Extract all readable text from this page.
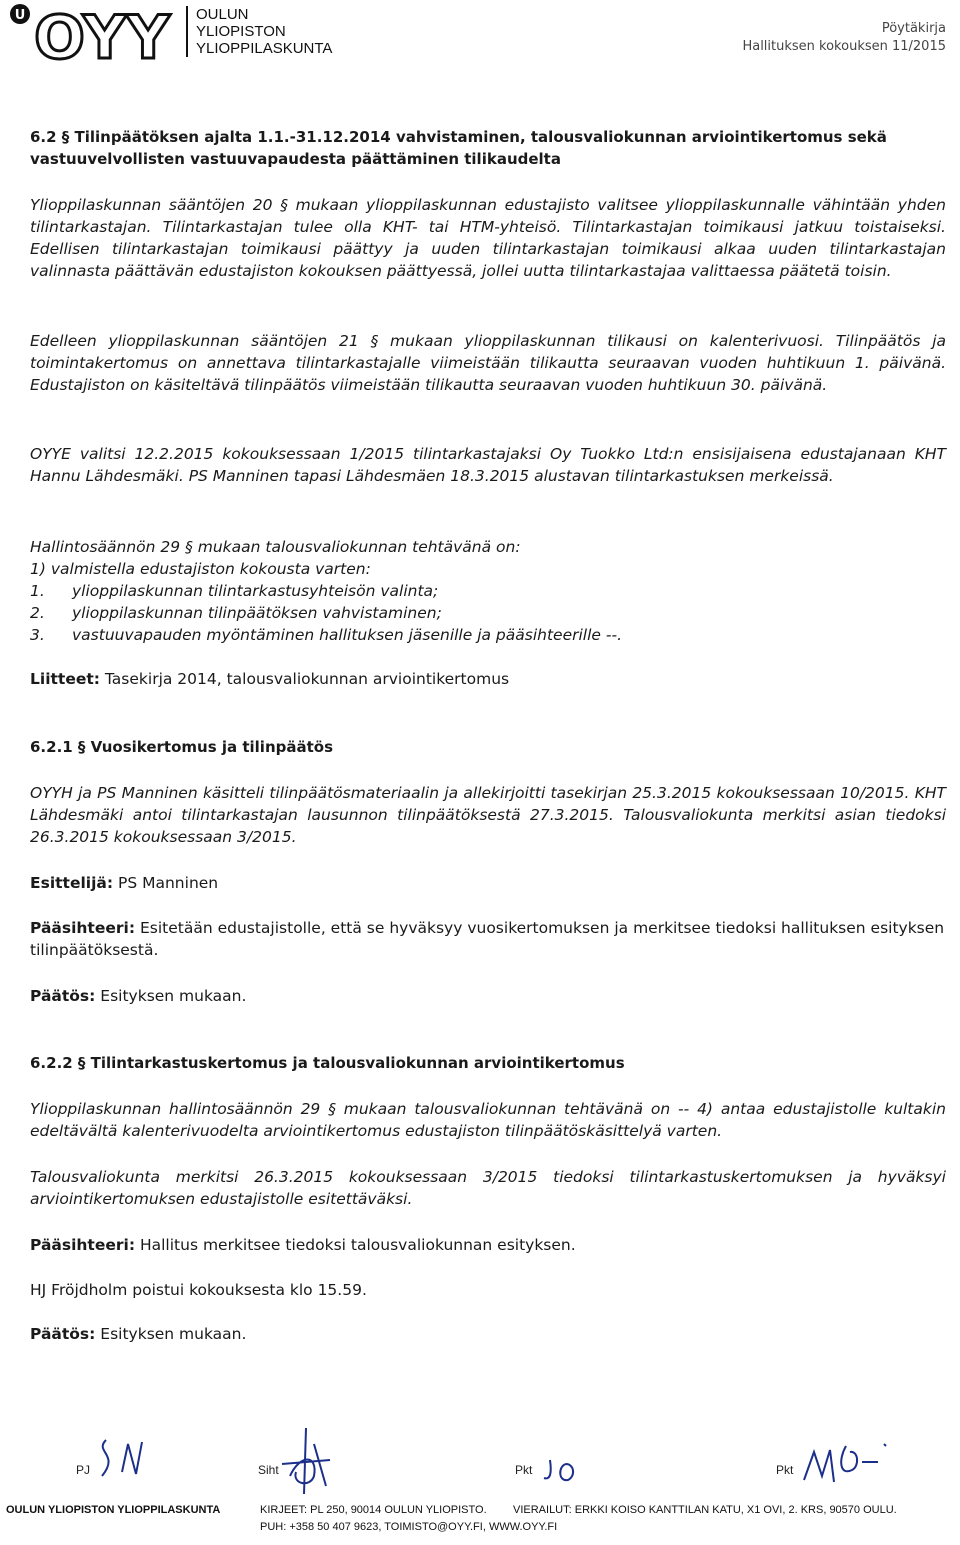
U OYY OULUN
YLIOPISTON
YLIOPPILASKUNTA
Pöytäkirja
Hallituksen kokouksen 11/2015
6.2 § Tilinpäätöksen ajalta 1.1.-31.12.2014 vahvistaminen, talousvaliokunnan arviointikertomus sekä
vastuuvelvollisten vastuuvapaudesta päättäminen tilikaudelta
Ylioppilaskunnan sääntöjen 20 § mukaan ylioppilaskunnan edustajisto valitsee ylioppilaskunnalle vähintään yhden tilintarkastajan. Tilintarkastajan tulee olla KHT- tai HTM-yhteisö. Tilintarkastajan toimikausi jatkuu toistaiseksi. Edellisen tilintarkastajan toimikausi päättyy ja uuden tilintarkastajan toimikausi alkaa uuden tilintarkastajan valinnasta päättävän edustajiston kokouksen päättyessä, jollei uutta tilintarkastajaa valittaessa päätetä toisin.
Edelleen ylioppilaskunnan sääntöjen 21 § mukaan ylioppilaskunnan tilikausi on kalenterivuosi. Tilinpäätös ja toimintakertomus on annettava tilintarkastajalle viimeistään tilikautta seuraavan vuoden huhtikuun 1. päivänä. Edustajiston on käsiteltävä tilinpäätös viimeistään tilikautta seuraavan vuoden huhtikuun 30. päivänä.
OYYE valitsi 12.2.2015 kokouksessaan 1/2015 tilintarkastajaksi Oy Tuokko Ltd:n ensisijaisena edustajanaan KHT Hannu Lähdesmäki. PS Manninen tapasi Lähdesmäen 18.3.2015 alustavan tilintarkastuksen merkeissä.
Hallintosäännön 29 § mukaan talousvaliokunnan tehtävänä on:
1) valmistella edustajiston kokousta varten:
1.	ylioppilaskunnan tilintarkastusyhteisön valinta;
2.	ylioppilaskunnan tilinpäätöksen vahvistaminen;
3.	vastuuvapauden myöntäminen hallituksen jäsenille ja pääsihteerille --.
Liitteet: Tasekirja 2014, talousvaliokunnan arviointikertomus
6.2.1 § Vuosikertomus ja tilinpäätös
OYYH ja PS Manninen käsitteli tilinpäätösmateriaalin ja allekirjoitti tasekirjan 25.3.2015 kokouksessaan 10/2015. KHT Lähdesmäki antoi tilintarkastajan lausunnon tilinpäätöksestä 27.3.2015. Talousvaliokunta merkitsi asian tiedoksi 26.3.2015 kokouksessaan 3/2015.
Esittelijä: PS Manninen
Pääsihteeri: Esitetään edustajistolle, että se hyväksyy vuosikertomuksen ja merkitsee tiedoksi hallituksen esityksen tilinpäätöksestä.
Päätös: Esityksen mukaan.
6.2.2 § Tilintarkastuskertomus ja talousvaliokunnan arviointikertomus
Ylioppilaskunnan hallintosäännön 29 § mukaan talousvaliokunnan tehtävänä on -- 4) antaa edustajistolle kultakin edeltävältä kalenterivuodelta arviointikertomus edustajiston tilinpäätöskäsittelyä varten.
Talousvaliokunta merkitsi 26.3.2015 kokouksessaan 3/2015 tiedoksi tilintarkastuskertomuksen ja hyväksyi arviointikertomuksen edustajistolle esitettäväksi.
Pääsihteeri: Hallitus merkitsee tiedoksi talousvaliokunnan esityksen.
HJ Fröjdholm poistui kokouksesta klo 15.59.
Päätös: Esityksen mukaan.
PJ	Siht	Pkt	Pkt
OULUN YLIOPISTON YLIOPPILASKUNTA	KIRJEET: PL 250, 90014 OULUN YLIOPISTO.	VIERAILUT: ERKKI KOISO KANTTILAN KATU, X1 OVI, 2. KRS, 90570 OULU.
PUH: +358 50 407 9623, TOIMISTO@OYY.FI, WWW.OYY.FI
